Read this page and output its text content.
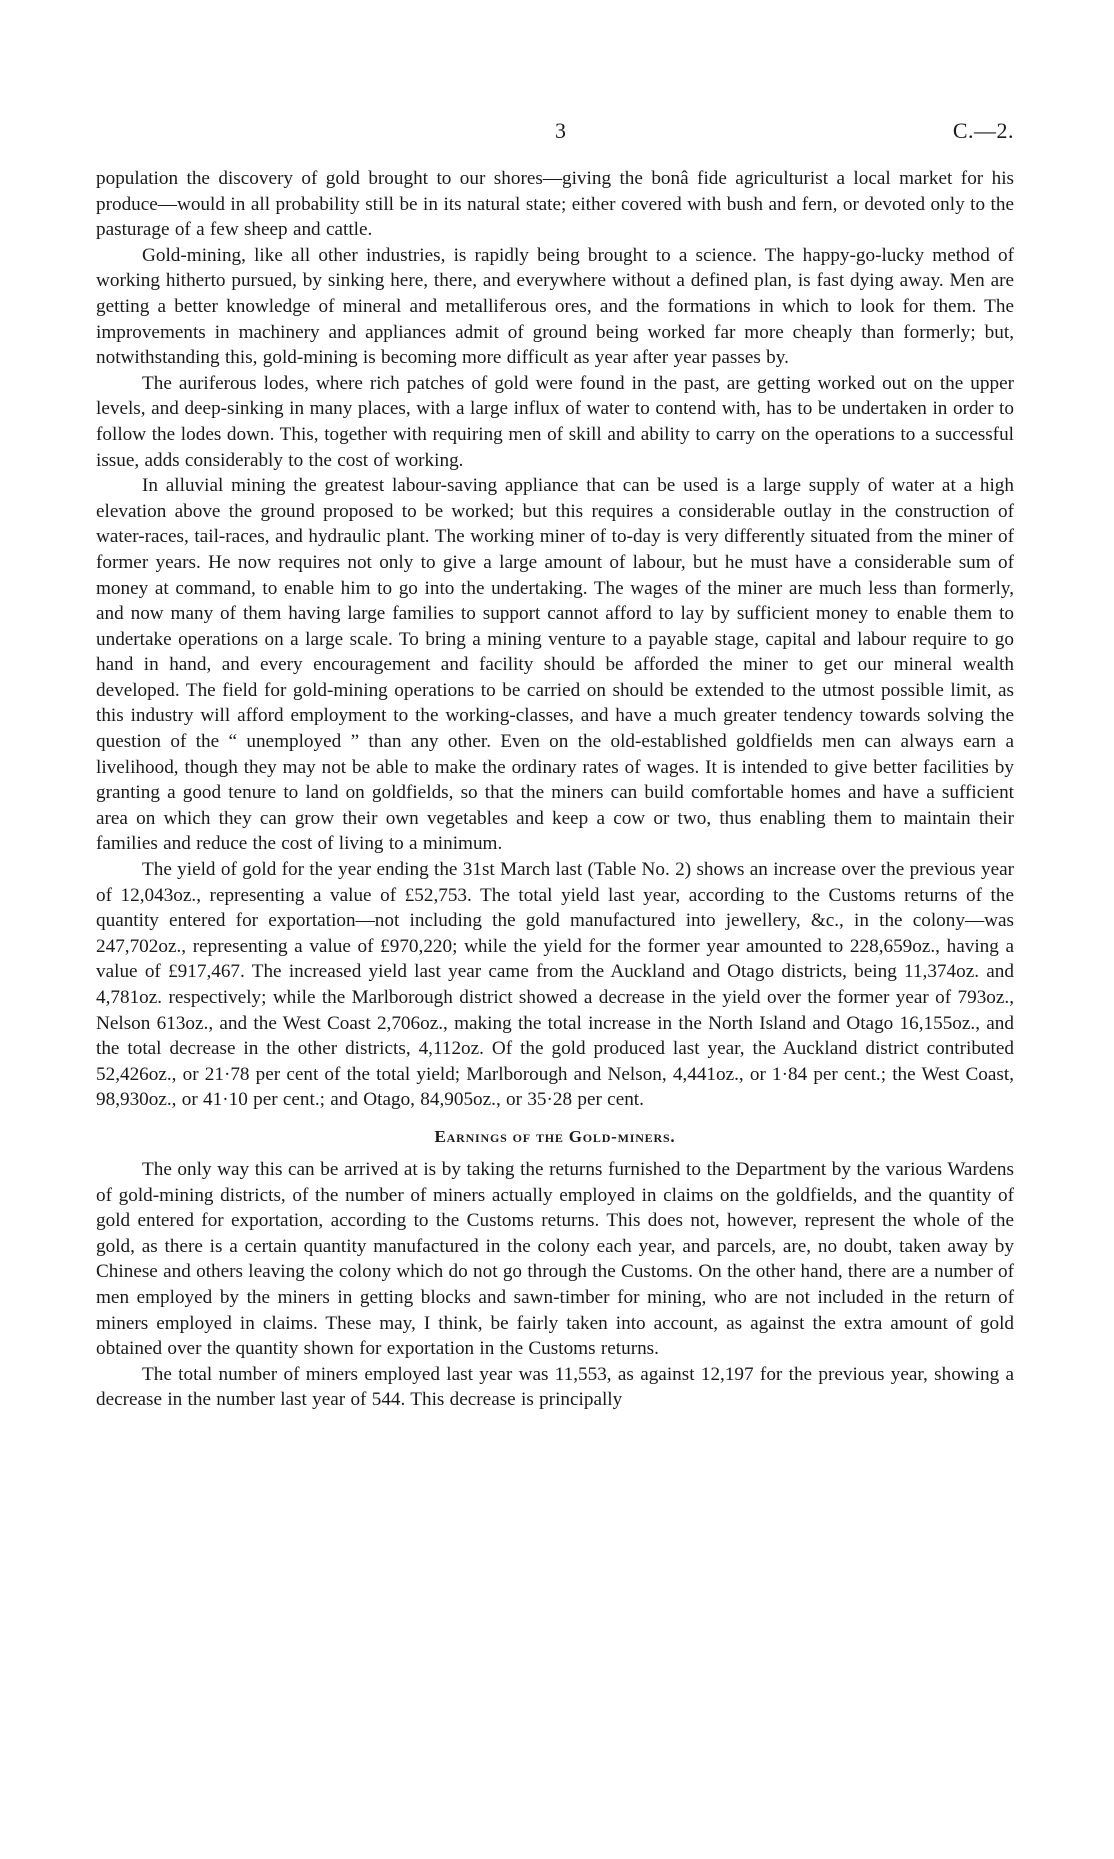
3	C.—2.

population the discovery of gold brought to our shores—giving the bonâ fide agriculturist a local market for his produce—would in all probability still be in its natural state; either covered with bush and fern, or devoted only to the pasturage of a few sheep and cattle.

Gold-mining, like all other industries, is rapidly being brought to a science. The happy-go-lucky method of working hitherto pursued, by sinking here, there, and everywhere without a defined plan, is fast dying away. Men are getting a better knowledge of mineral and metalliferous ores, and the formations in which to look for them. The improvements in machinery and appliances admit of ground being worked far more cheaply than formerly; but, notwithstanding this, gold-mining is becoming more difficult as year after year passes by.

The auriferous lodes, where rich patches of gold were found in the past, are getting worked out on the upper levels, and deep-sinking in many places, with a large influx of water to contend with, has to be undertaken in order to follow the lodes down. This, together with requiring men of skill and ability to carry on the operations to a successful issue, adds considerably to the cost of working.

In alluvial mining the greatest labour-saving appliance that can be used is a large supply of water at a high elevation above the ground proposed to be worked; but this requires a considerable outlay in the construction of water-races, tail-races, and hydraulic plant. The working miner of to-day is very differently situated from the miner of former years. He now requires not only to give a large amount of labour, but he must have a considerable sum of money at command, to enable him to go into the undertaking. The wages of the miner are much less than formerly, and now many of them having large families to support cannot afford to lay by sufficient money to enable them to undertake operations on a large scale. To bring a mining venture to a payable stage, capital and labour require to go hand in hand, and every encouragement and facility should be afforded the miner to get our mineral wealth developed. The field for gold-mining operations to be carried on should be extended to the utmost possible limit, as this industry will afford employment to the working-classes, and have a much greater tendency towards solving the question of the “ unemployed ” than any other. Even on the old-established goldfields men can always earn a livelihood, though they may not be able to make the ordinary rates of wages. It is intended to give better facilities by granting a good tenure to land on goldfields, so that the miners can build comfortable homes and have a sufficient area on which they can grow their own vegetables and keep a cow or two, thus enabling them to maintain their families and reduce the cost of living to a minimum.

The yield of gold for the year ending the 31st March last (Table No. 2) shows an increase over the previous year of 12,043oz., representing a value of £52,753. The total yield last year, according to the Customs returns of the quantity entered for exportation—not including the gold manufactured into jewellery, &c., in the colony—was 247,702oz., representing a value of £970,220; while the yield for the former year amounted to 228,659oz., having a value of £917,467. The increased yield last year came from the Auckland and Otago districts, being 11,374oz. and 4,781oz. respectively; while the Marlborough district showed a decrease in the yield over the former year of 793oz., Nelson 613oz., and the West Coast 2,706oz., making the total increase in the North Island and Otago 16,155oz., and the total decrease in the other districts, 4,112oz. Of the gold produced last year, the Auckland district contributed 52,426oz., or 21·78 per cent of the total yield; Marlborough and Nelson, 4,441oz., or 1·84 per cent.; the West Coast, 98,930oz., or 41·10 per cent.; and Otago, 84,905oz., or 35·28 per cent.

Earnings of the Gold-miners.

The only way this can be arrived at is by taking the returns furnished to the Department by the various Wardens of gold-mining districts, of the number of miners actually employed in claims on the goldfields, and the quantity of gold entered for exportation, according to the Customs returns. This does not, however, represent the whole of the gold, as there is a certain quantity manufactured in the colony each year, and parcels, are, no doubt, taken away by Chinese and others leaving the colony which do not go through the Customs. On the other hand, there are a number of men employed by the miners in getting blocks and sawn-timber for mining, who are not included in the return of miners employed in claims. These may, I think, be fairly taken into account, as against the extra amount of gold obtained over the quantity shown for exportation in the Customs returns.

The total number of miners employed last year was 11,553, as against 12,197 for the previous year, showing a decrease in the number last year of 544. This decrease is principally
